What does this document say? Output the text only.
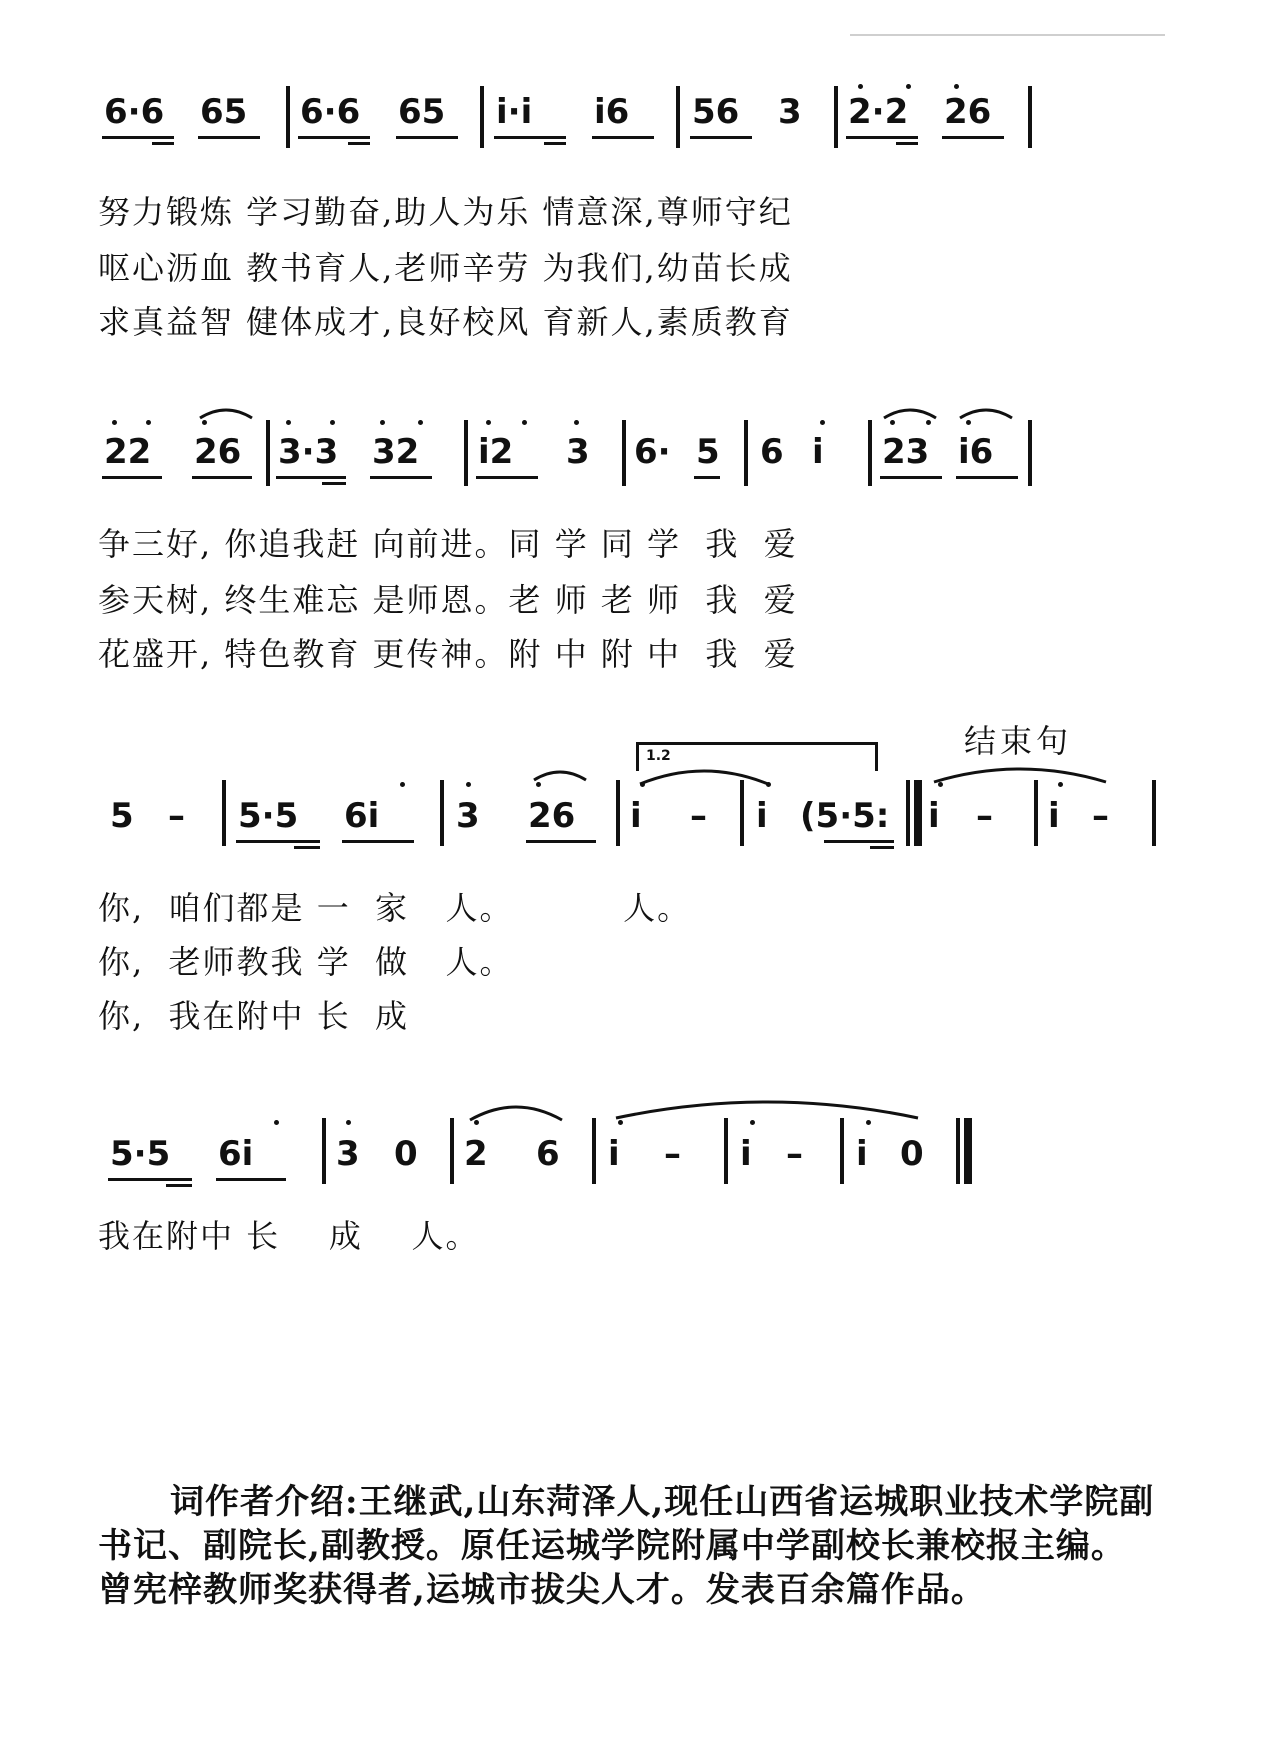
6·6 65 6·6 65 i·i i6 56 3 2·2 26
努力锻炼 学习勤奋,助人为乐 情意深,尊师守纪
呕心沥血 教书育人,老师辛劳 为我们,幼苗长成
求真益智 健体成才,良好校风 育新人,素质教育
22 26 3·3 32 i2 3 6· 5 6 i 23 i6
争三好, 你追我赶 向前进。同 学 同 学  我  爱
参天树, 终生难忘 是师恩。老 师 老 师  我  爱
花盛开, 特色教育 更传神。附 中 附 中  我  爱
结束句
1.2
5 – 5·5 6i 3 26 i – i (5·5: i – i –
你,  咱们都是 一  家   人。         人。
你,  老师教我 学  做   人。
你,  我在附中 长  成
5·5 6i 3 0 2 6 i – i – i 0
我在附中 长    成    人。
词作者介绍:王继武,山东菏泽人,现任山西省运城职业技术学院副书记、副院长,副教授。原任运城学院附属中学副校长兼校报主编。曾宪梓教师奖获得者,运城市拔尖人才。发表百余篇作品。
